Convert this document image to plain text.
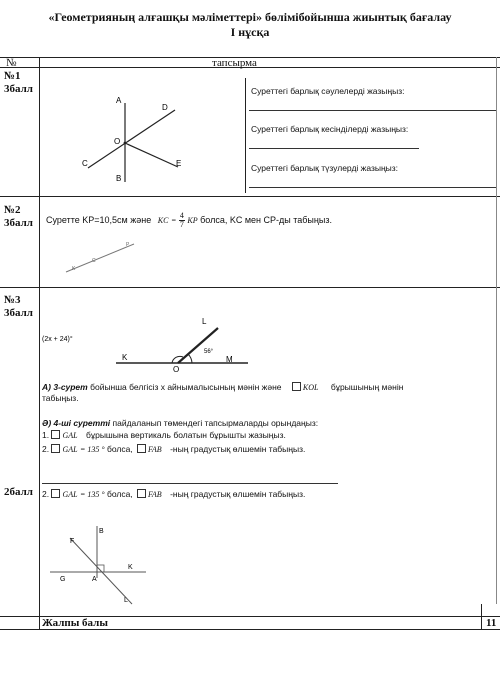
«Геометрияның алғашқы мәліметтері» бөлімібойынша жиынтық бағалау
I нұсқа
№	тапсырма
№1
3балл
A
D
O
C	E
B
Суреттегі барлық сәулелерді жазыңыз:
Суреттегі барлық кесінділерді жазыңыз:
Суреттегі барлық түзулерді жазыңыз:
№2
3балл Суретте KP=10,5см және KC = $\frac{4}{7}$ KP болса, KC мен CP-ды табыңыз.
K
C
P
№3
3балл
(2x + 24)°
K
O
M
L
56°
A) 3-сурет бойынша белгісіз x айнымалысының мәнін және	KOL бұрышының мәнін
табыңыз.
Ә) 4-ші суретті пайдаланып төмендегі тапсырмаларды орындаңыз:
1. GAL бұрышына вертикаль болатын бұрышты жазыңыз.
2. GAL = 135 ° болса, FAB -ның градустық өлшемін табыңыз.
2балл 2. GAL = 135 ° болса, FAB -ның градустық өлшемін табыңыз.
F
B
G	A
K
L
Жалпы балы	11
